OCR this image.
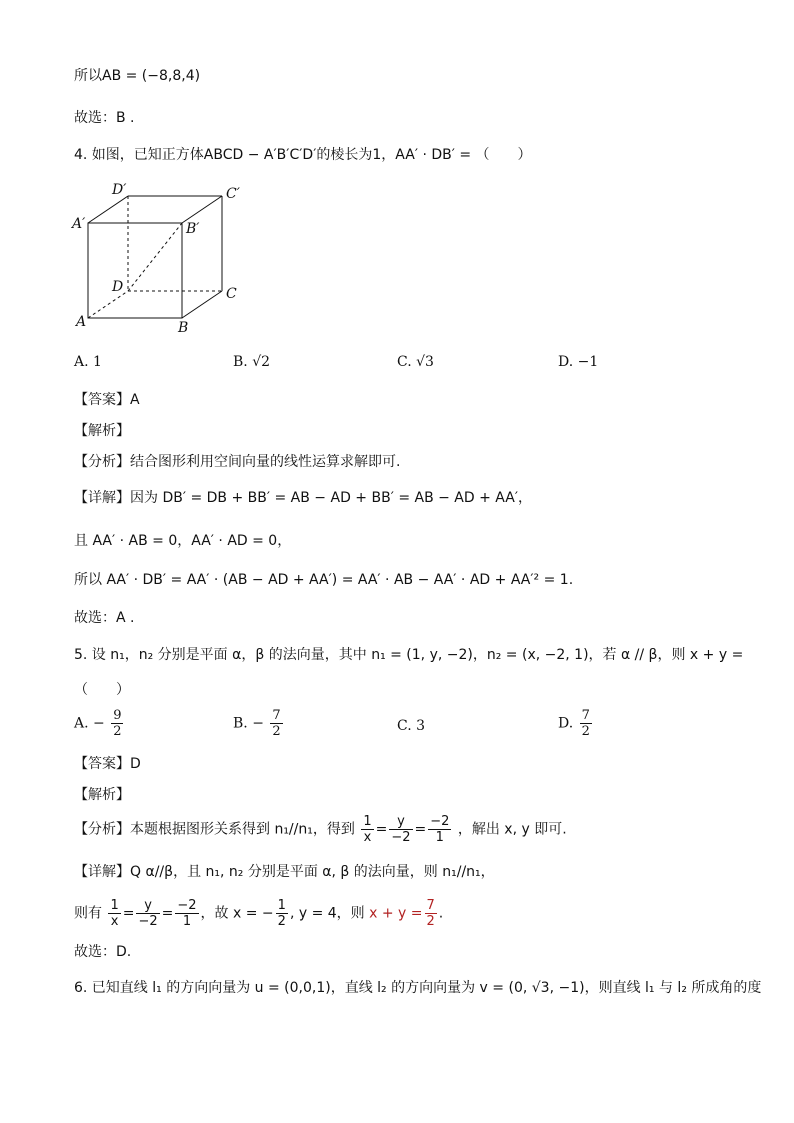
所以AB = (−8,8,4)
故选：B .
4. 如图，已知正方体ABCD − A′B′C′D′的棱长为1，AA′ · DB′ = （　　）
D′	C′
A′	B′
D	C
A	B
A. 1	B. √2	C. √3	D. −1
【答案】A
【解析】
【分析】结合图形利用空间向量的线性运算求解即可.
【详解】因为 DB′ = DB + BB′ = AB − AD + BB′ = AB − AD + AA′，
且 AA′ · AB = 0，AA′ · AD = 0，
所以 AA′ · DB′ = AA′ · (AB − AD + AA′) = AA′ · AB − AA′ · AD + AA′² = 1.
故选：A .
5. 设 n₁，n₂ 分别是平面 α，β 的法向量，其中 n₁ = (1, y, −2)，n₂ = (x, −2, 1)，若 α // β，则 x + y =
（　　）
A. − $\frac{9}{2}$	B. − $\frac{7}{2}$	C. 3	D. $\frac{7}{2}$
【答案】D
【解析】
【分析】本题根据图形关系得到 n₁//n₁，得到 $\frac{1}{x} = \frac{y}{-2} = \frac{-2}{1}$ ，解出 x, y 即可.
【详解】Q α//β，且 n₁, n₂ 分别是平面 α, β 的法向量，则 n₁//n₁，
则有 $\frac{1}{x} = \frac{y}{-2} = \frac{-2}{1}$ ，故 x = − $\frac{1}{2}$ , y = 4，则 $x + y = \frac{7}{2}$ .
故选：D.
6. 已知直线 l₁ 的方向向量为 u = (0,0,1)，直线 l₂ 的方向向量为 v = (0, √3, −1)，则直线 l₁ 与 l₂ 所成角的度
